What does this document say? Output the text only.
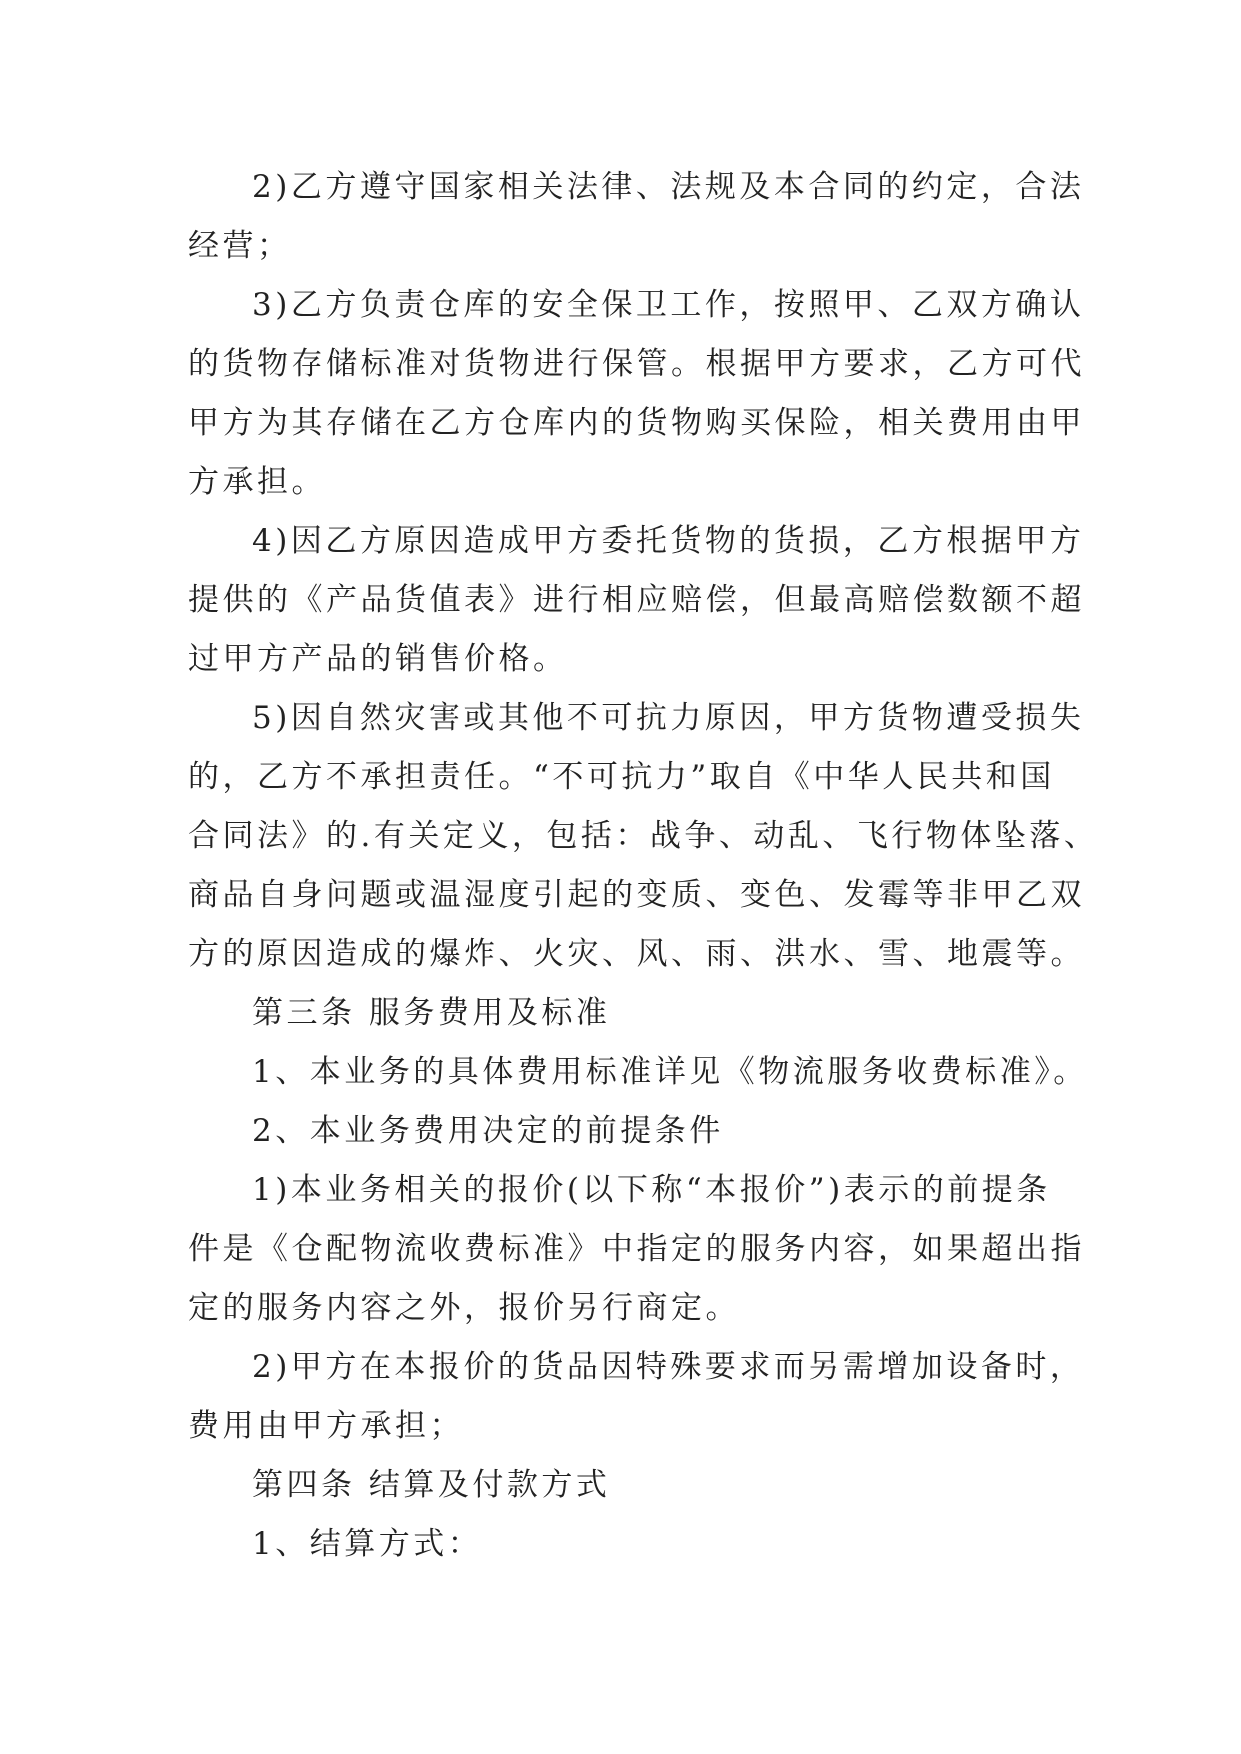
2)乙方遵守国家相关法律、法规及本合同的约定，合法
经营；

3)乙方负责仓库的安全保卫工作，按照甲、乙双方确认
的货物存储标准对货物进行保管。根据甲方要求，乙方可代
甲方为其存储在乙方仓库内的货物购买保险，相关费用由甲
方承担。

4)因乙方原因造成甲方委托货物的货损，乙方根据甲方
提供的《产品货值表》进行相应赔偿，但最高赔偿数额不超
过甲方产品的销售价格。

5)因自然灾害或其他不可抗力原因，甲方货物遭受损失
的，乙方不承担责任。“不可抗力”取自《中华人民共和国
合同法》的.有关定义，包括：战争、动乱、飞行物体坠落、
商品自身问题或温湿度引起的变质、变色、发霉等非甲乙双
方的原因造成的爆炸、火灾、风、雨、洪水、雪、地震等。

第三条 服务费用及标准

1、本业务的具体费用标准详见《物流服务收费标准》。

2、本业务费用决定的前提条件

1)本业务相关的报价(以下称“本报价”)表示的前提条
件是《仓配物流收费标准》中指定的服务内容，如果超出指
定的服务内容之外，报价另行商定。

2)甲方在本报价的货品因特殊要求而另需增加设备时，
费用由甲方承担；

第四条 结算及付款方式

1、结算方式：
